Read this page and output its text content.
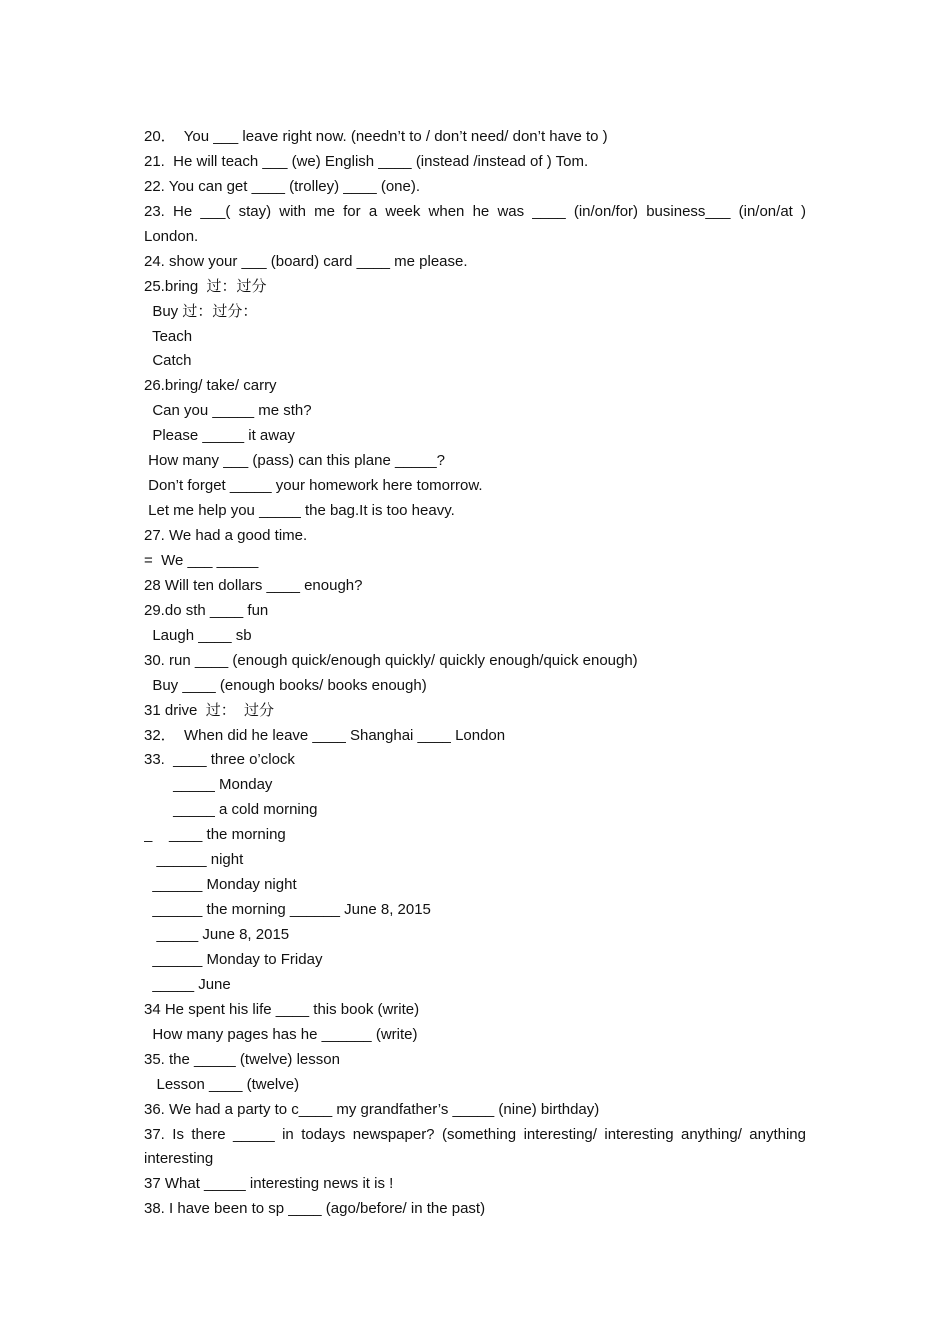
20．  You ___ leave right now. (needn’t to / don’t need/ don’t have to )
21.  He will teach ___ (we) English ____ (instead /instead of ) Tom.
22. You can get ____ (trolley) ____ (one).
23. He ___( stay) with me for a week when he was ____ (in/on/for) business___ (in/on/at )
London.
24. show your ___ (board) card ____ me please.
25.bring  过：过分
Buy 过：过分：
Teach
Catch
26.bring/ take/ carry
Can you _____ me sth?
Please _____ it away
How many ___ (pass) can this plane _____?
Don’t forget _____ your homework here tomorrow.
Let me help you _____ the bag.It is too heavy.
27. We had a good time.
=  We ___ _____
28 Will ten dollars ____ enough?
29.do sth ____ fun
Laugh ____ sb
30. run ____ (enough quick/enough quickly/ quickly enough/quick enough)
Buy ____ (enough books/ books enough)
31 drive  过：  过分
32．  When did he leave ____ Shanghai ____ London
33.  ____ three o’clock
_____ Monday
_____ a cold morning
_    ____ the morning
______ night
______ Monday night
______ the morning ______ June 8, 2015
_____ June 8, 2015
______ Monday to Friday
_____ June
34 He spent his life ____ this book (write)
How many pages has he ______ (write)
35. the _____ (twelve) lesson
Lesson ____ (twelve)
36. We had a party to c____ my grandfather’s _____ (nine) birthday)
37. Is there _____ in todays newspaper? (something interesting/ interesting anything/ anything
interesting
37 What _____ interesting news it is !
38. I have been to sp ____ (ago/before/ in the past)
